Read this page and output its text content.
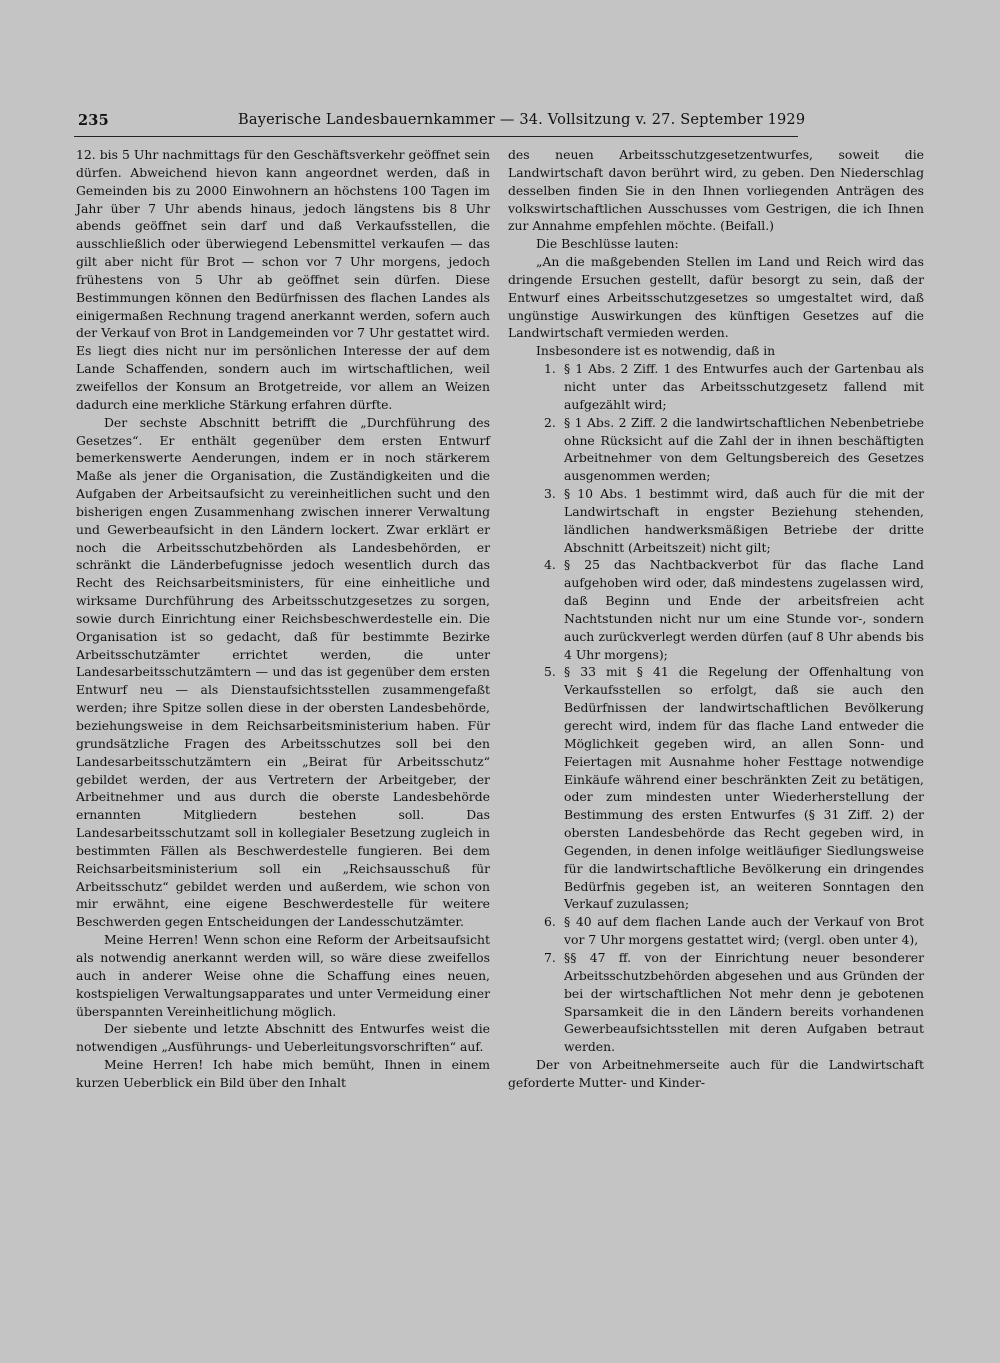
235	Bayerische Landesbauernkammer — 34. Vollsitzung v. 27. September 1929

12. bis 5 Uhr nachmittags für den Geschäftsverkehr geöffnet sein dürfen. Abweichend hievon kann angeordnet werden, daß in Gemeinden bis zu 2000 Einwohnern an höchstens 100 Tagen im Jahr über 7 Uhr abends hinaus, jedoch längstens bis 8 Uhr abends geöffnet sein darf und daß Verkaufsstellen, die ausschließlich oder überwiegend Lebensmittel verkaufen — das gilt aber nicht für Brot — schon vor 7 Uhr morgens, jedoch frühestens von 5 Uhr ab geöffnet sein dürfen. Diese Bestimmungen können den Bedürfnissen des flachen Landes als einigermaßen Rechnung tragend anerkannt werden, sofern auch der Verkauf von Brot in Landgemeinden vor 7 Uhr gestattet wird. Es liegt dies nicht nur im persönlichen Interesse der auf dem Lande Schaffenden, sondern auch im wirtschaftlichen, weil zweifellos der Konsum an Brotgetreide, vor allem an Weizen dadurch eine merkliche Stärkung erfahren dürfte.

Der sechste Abschnitt betrifft die „Durchführung des Gesetzes“. Er enthält gegenüber dem ersten Entwurf bemerkenswerte Aenderungen, indem er in noch stärkerem Maße als jener die Organisation, die Zuständigkeiten und die Aufgaben der Arbeitsaufsicht zu vereinheitlichen sucht und den bisherigen engen Zusammenhang zwischen innerer Verwaltung und Gewerbeaufsicht in den Ländern lockert. Zwar erklärt er noch die Arbeitsschutzbehörden als Landesbehörden, er schränkt die Länderbefugnisse jedoch wesentlich durch das Recht des Reichsarbeitsministers, für eine einheitliche und wirksame Durchführung des Arbeitsschutzgesetzes zu sorgen, sowie durch Einrichtung einer Reichsbeschwerdestelle ein. Die Organisation ist so gedacht, daß für bestimmte Bezirke Arbeitsschutzämter errichtet werden, die unter Landesarbeitsschutzämtern — und das ist gegenüber dem ersten Entwurf neu — als Dienstaufsichtsstellen zusammengefaßt werden; ihre Spitze sollen diese in der obersten Landesbehörde, beziehungsweise in dem Reichsarbeitsministerium haben. Für grundsätzliche Fragen des Arbeitsschutzes soll bei den Landesarbeitsschutzämtern ein „Beirat für Arbeitsschutz“ gebildet werden, der aus Vertretern der Arbeitgeber, der Arbeitnehmer und aus durch die oberste Landesbehörde ernannten Mitgliedern bestehen soll. Das Landesarbeitsschutzamt soll in kollegialer Besetzung zugleich in bestimmten Fällen als Beschwerdestelle fungieren. Bei dem Reichsarbeitsministerium soll ein „Reichsausschuß für Arbeitsschutz“ gebildet werden und außerdem, wie schon von mir erwähnt, eine eigene Beschwerdestelle für weitere Beschwerden gegen Entscheidungen der Landesschutzämter.

Meine Herren! Wenn schon eine Reform der Arbeitsaufsicht als notwendig anerkannt werden will, so wäre diese zweifellos auch in anderer Weise ohne die Schaffung eines neuen, kostspieligen Verwaltungsapparates und unter Vermeidung einer überspannten Vereinheitlichung möglich.

Der siebente und letzte Abschnitt des Entwurfes weist die notwendigen „Ausführungs- und Ueberleitungsvorschriften“ auf.

Meine Herren! Ich habe mich bemüht, Ihnen in einem kurzen Ueberblick ein Bild über den Inhalt

des neuen Arbeitsschutzgesetzentwurfes, soweit die Landwirtschaft davon berührt wird, zu geben. Den Niederschlag desselben finden Sie in den Ihnen vorliegenden Anträgen des volkswirtschaftlichen Ausschusses vom Gestrigen, die ich Ihnen zur Annahme empfehlen möchte. (Beifall.)

Die Beschlüsse lauten:

„An die maßgebenden Stellen im Land und Reich wird das dringende Ersuchen gestellt, dafür besorgt zu sein, daß der Entwurf eines Arbeitsschutzgesetzes so umgestaltet wird, daß ungünstige Auswirkungen des künftigen Gesetzes auf die Landwirtschaft vermieden werden.

Insbesondere ist es notwendig, daß in

1. § 1 Abs. 2 Ziff. 1 des Entwurfes auch der Gartenbau als nicht unter das Arbeitsschutzgesetz fallend mit aufgezählt wird;
2. § 1 Abs. 2 Ziff. 2 die landwirtschaftlichen Nebenbetriebe ohne Rücksicht auf die Zahl der in ihnen beschäftigten Arbeitnehmer von dem Geltungsbereich des Gesetzes ausgenommen werden;
3. § 10 Abs. 1 bestimmt wird, daß auch für die mit der Landwirtschaft in engster Beziehung stehenden, ländlichen handwerksmäßigen Betriebe der dritte Abschnitt (Arbeitszeit) nicht gilt;
4. § 25 das Nachtbackverbot für das flache Land aufgehoben wird oder, daß mindestens zugelassen wird, daß Beginn und Ende der arbeitsfreien acht Nachtstunden nicht nur um eine Stunde vor-, sondern auch zurückverlegt werden dürfen (auf 8 Uhr abends bis 4 Uhr morgens);
5. § 33 mit § 41 die Regelung der Offenhaltung von Verkaufsstellen so erfolgt, daß sie auch den Bedürfnissen der landwirtschaftlichen Bevölkerung gerecht wird, indem für das flache Land entweder die Möglichkeit gegeben wird, an allen Sonn- und Feiertagen mit Ausnahme hoher Festtage notwendige Einkäufe während einer beschränkten Zeit zu betätigen, oder zum mindesten unter Wiederherstellung der Bestimmung des ersten Entwurfes (§ 31 Ziff. 2) der obersten Landesbehörde das Recht gegeben wird, in Gegenden, in denen infolge weitläufiger Siedlungsweise für die landwirtschaftliche Bevölkerung ein dringendes Bedürfnis gegeben ist, an weiteren Sonntagen den Verkauf zuzulassen;
6. § 40 auf dem flachen Lande auch der Verkauf von Brot vor 7 Uhr morgens gestattet wird; (vergl. oben unter 4),
7. §§ 47 ff. von der Einrichtung neuer besonderer Arbeitsschutzbehörden abgesehen und aus Gründen der bei der wirtschaftlichen Not mehr denn je gebotenen Sparsamkeit die in den Ländern bereits vorhandenen Gewerbeaufsichtsstellen mit deren Aufgaben betraut werden.

Der von Arbeitnehmerseite auch für die Landwirtschaft geforderte Mutter- und Kinder-
